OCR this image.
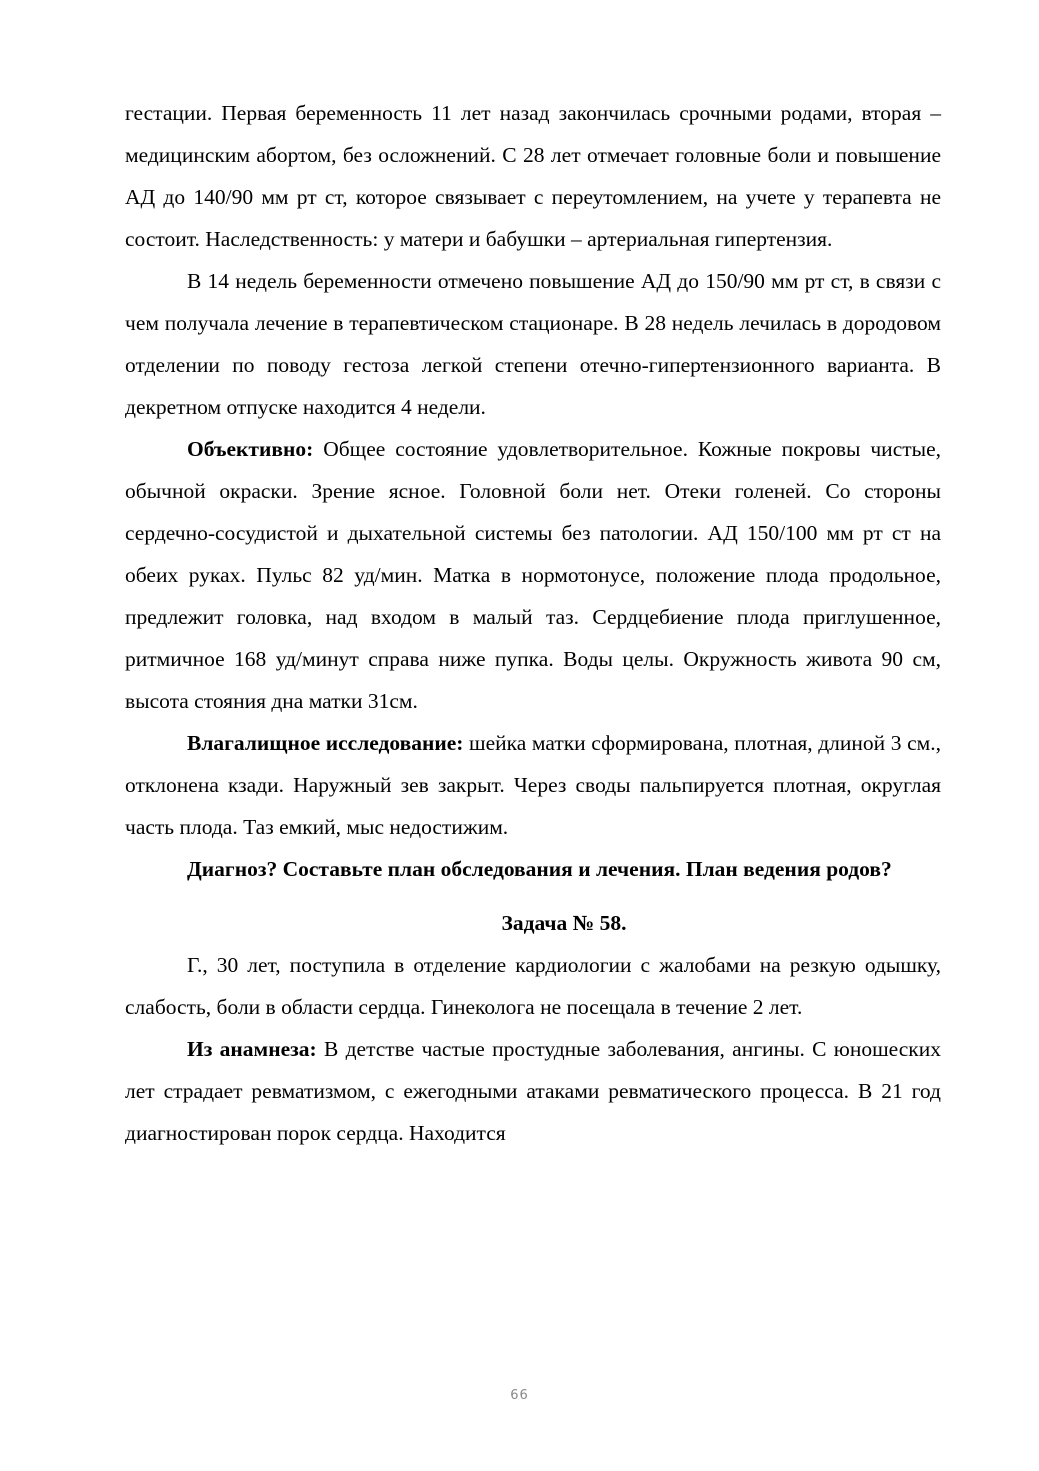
гестации. Первая беременность 11 лет назад закончилась срочными родами, вторая – медицинским абортом, без осложнений. С 28 лет отмечает головные боли и повышение АД до 140/90 мм рт ст, которое связывает с переутомлением, на учете у терапевта не состоит. Наследственность: у матери и бабушки – артериальная гипертензия.

В 14 недель беременности отмечено повышение АД до 150/90 мм рт ст, в связи с чем получала лечение в терапевтическом стационаре. В 28 недель лечилась в дородовом отделении по поводу гестоза легкой степени отечно-гипертензионного варианта. В декретном отпуске находится 4 недели.

Объективно: Общее состояние удовлетворительное. Кожные покровы чистые, обычной окраски. Зрение ясное. Головной боли нет. Отеки голеней. Со стороны сердечно-сосудистой и дыхательной системы без патологии. АД 150/100 мм рт ст на обеих руках. Пульс 82 уд/мин. Матка в нормотонусе, положение плода продольное, предлежит головка, над входом в малый таз. Сердцебиение плода приглушенное, ритмичное 168 уд/минут справа ниже пупка. Воды целы. Окружность живота 90 см, высота стояния дна матки 31см.

Влагалищное исследование: шейка матки сформирована, плотная, длиной 3 см., отклонена кзади. Наружный зев закрыт. Через своды пальпируется плотная, округлая часть плода. Таз емкий, мыс недостижим.

Диагноз? Составьте план обследования и лечения. План ведения родов?

Задача № 58.

Г., 30 лет, поступила в отделение кардиологии с жалобами на резкую одышку, слабость, боли в области сердца. Гинеколога не посещала в течение 2 лет.

Из анамнеза: В детстве частые простудные заболевания, ангины. С юношеских лет страдает ревматизмом, с ежегодными атаками ревматического процесса. В 21 год диагностирован порок сердца. Находится

66
